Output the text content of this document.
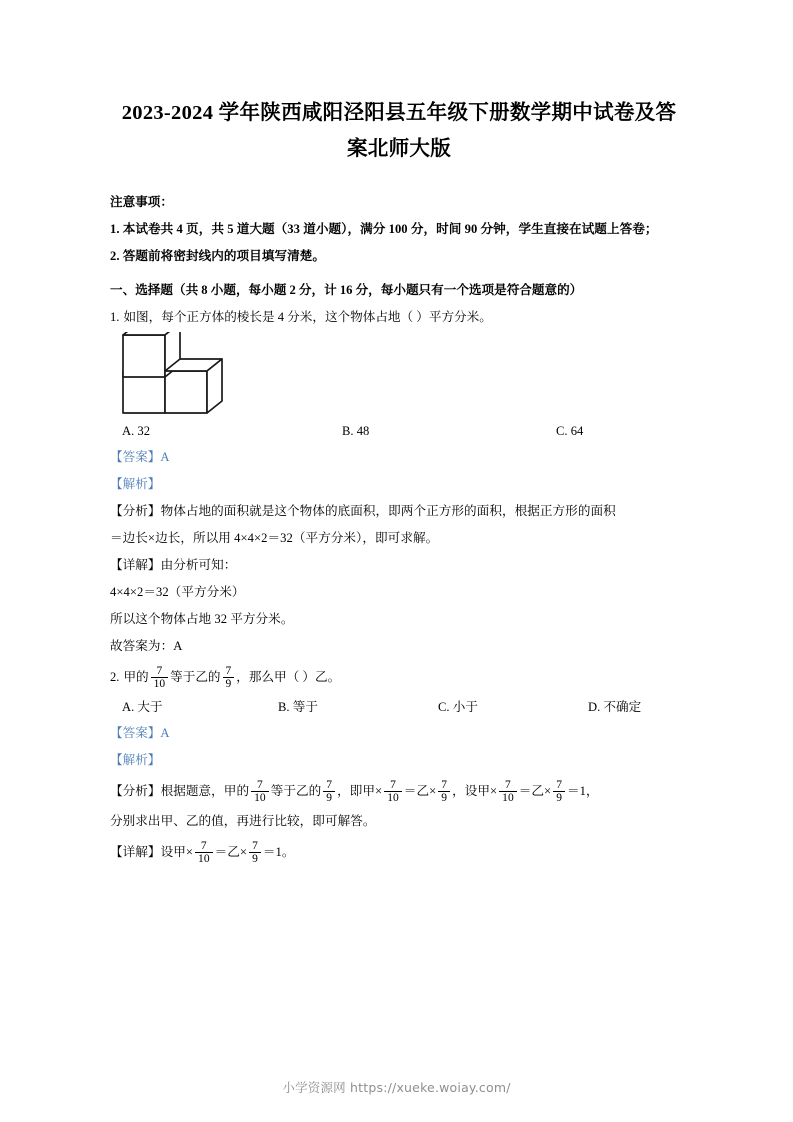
2023-2024 学年陕西咸阳泾阳县五年级下册数学期中试卷及答案北师大版
注意事项：

1. 本试卷共 4 页，共 5 道大题（33 道小题），满分 100 分，时间 90 分钟，学生直接在试题上答卷；

2. 答题前将密封线内的项目填写清楚。

一、选择题（共 8 小题，每小题 2 分，计 16 分，每小题只有一个选项是符合题意的）
1. 如图，每个正方体的棱长是 4 分米，这个物体占地（ ）平方分米。
A. 32	B. 48	C. 64
【答案】A
【解析】

【分析】物体占地的面积就是这个物体的底面积，即两个正方形的面积，根据正方形的面积

＝边长×边长，所以用 4×4×2＝32（平方分米），即可求解。

【详解】由分析可知：

4×4×2＝32（平方分米）

所以这个物体占地 32 平方分米。

故答案为：A

2. 甲的 $\frac{7}{10}$ 等于乙的 $\frac{7}{9}$ ，那么甲（ ）乙。
A. 大于	B. 等于	C. 小于	D. 不确定
【答案】A
【解析】

【分析】根据题意，甲的 $\frac{7}{10}$ 等于乙的 $\frac{7}{9}$ ，即甲× $\frac{7}{10}$ ＝乙× $\frac{7}{9}$ ，设甲× $\frac{7}{10}$ ＝乙× $\frac{7}{9} =1$，

分别求出甲、乙的值，再进行比较，即可解答。

【详解】设甲× $\frac{7}{10}$ ＝乙× $\frac{7}{9} =1$。

小学资源网 https://xueke.woiay.com/
